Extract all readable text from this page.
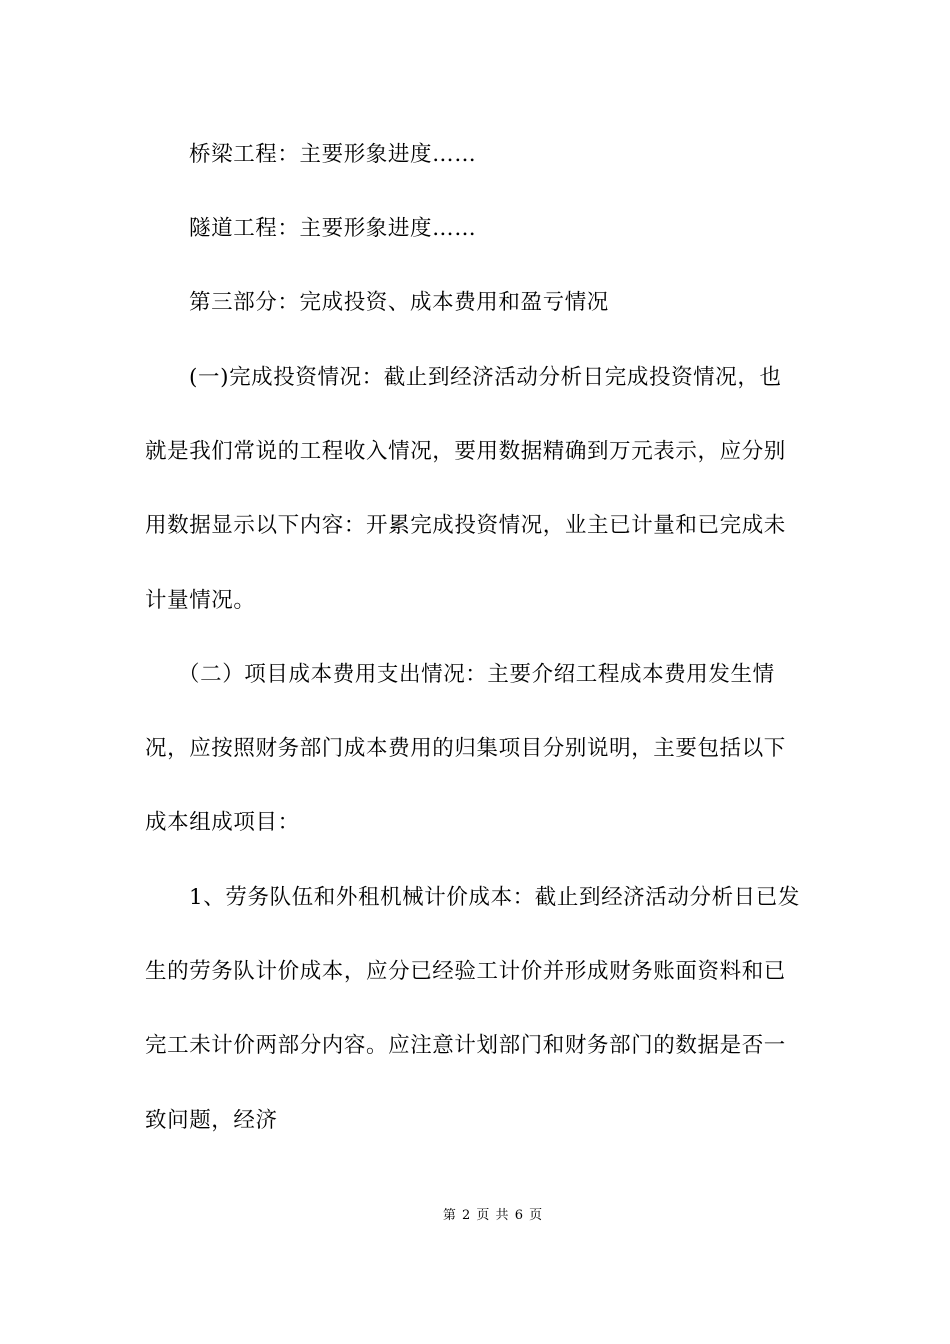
桥梁工程：主要形象进度……
隧道工程：主要形象进度……
第三部分：完成投资、成本费用和盈亏情况
(一)完成投资情况：截止到经济活动分析日完成投资情况，也
就是我们常说的工程收入情况，要用数据精确到万元表示，应分别
用数据显示以下内容：开累完成投资情况，业主已计量和已完成未
计量情况。
（二）项目成本费用支出情况：主要介绍工程成本费用发生情
况，应按照财务部门成本费用的归集项目分别说明，主要包括以下
成本组成项目：
1、劳务队伍和外租机械计价成本：截止到经济活动分析日已发
生的劳务队计价成本，应分已经验工计价并形成财务账面资料和已
完工未计价两部分内容。应注意计划部门和财务部门的数据是否一
致问题，经济
第 2 页 共 6 页
